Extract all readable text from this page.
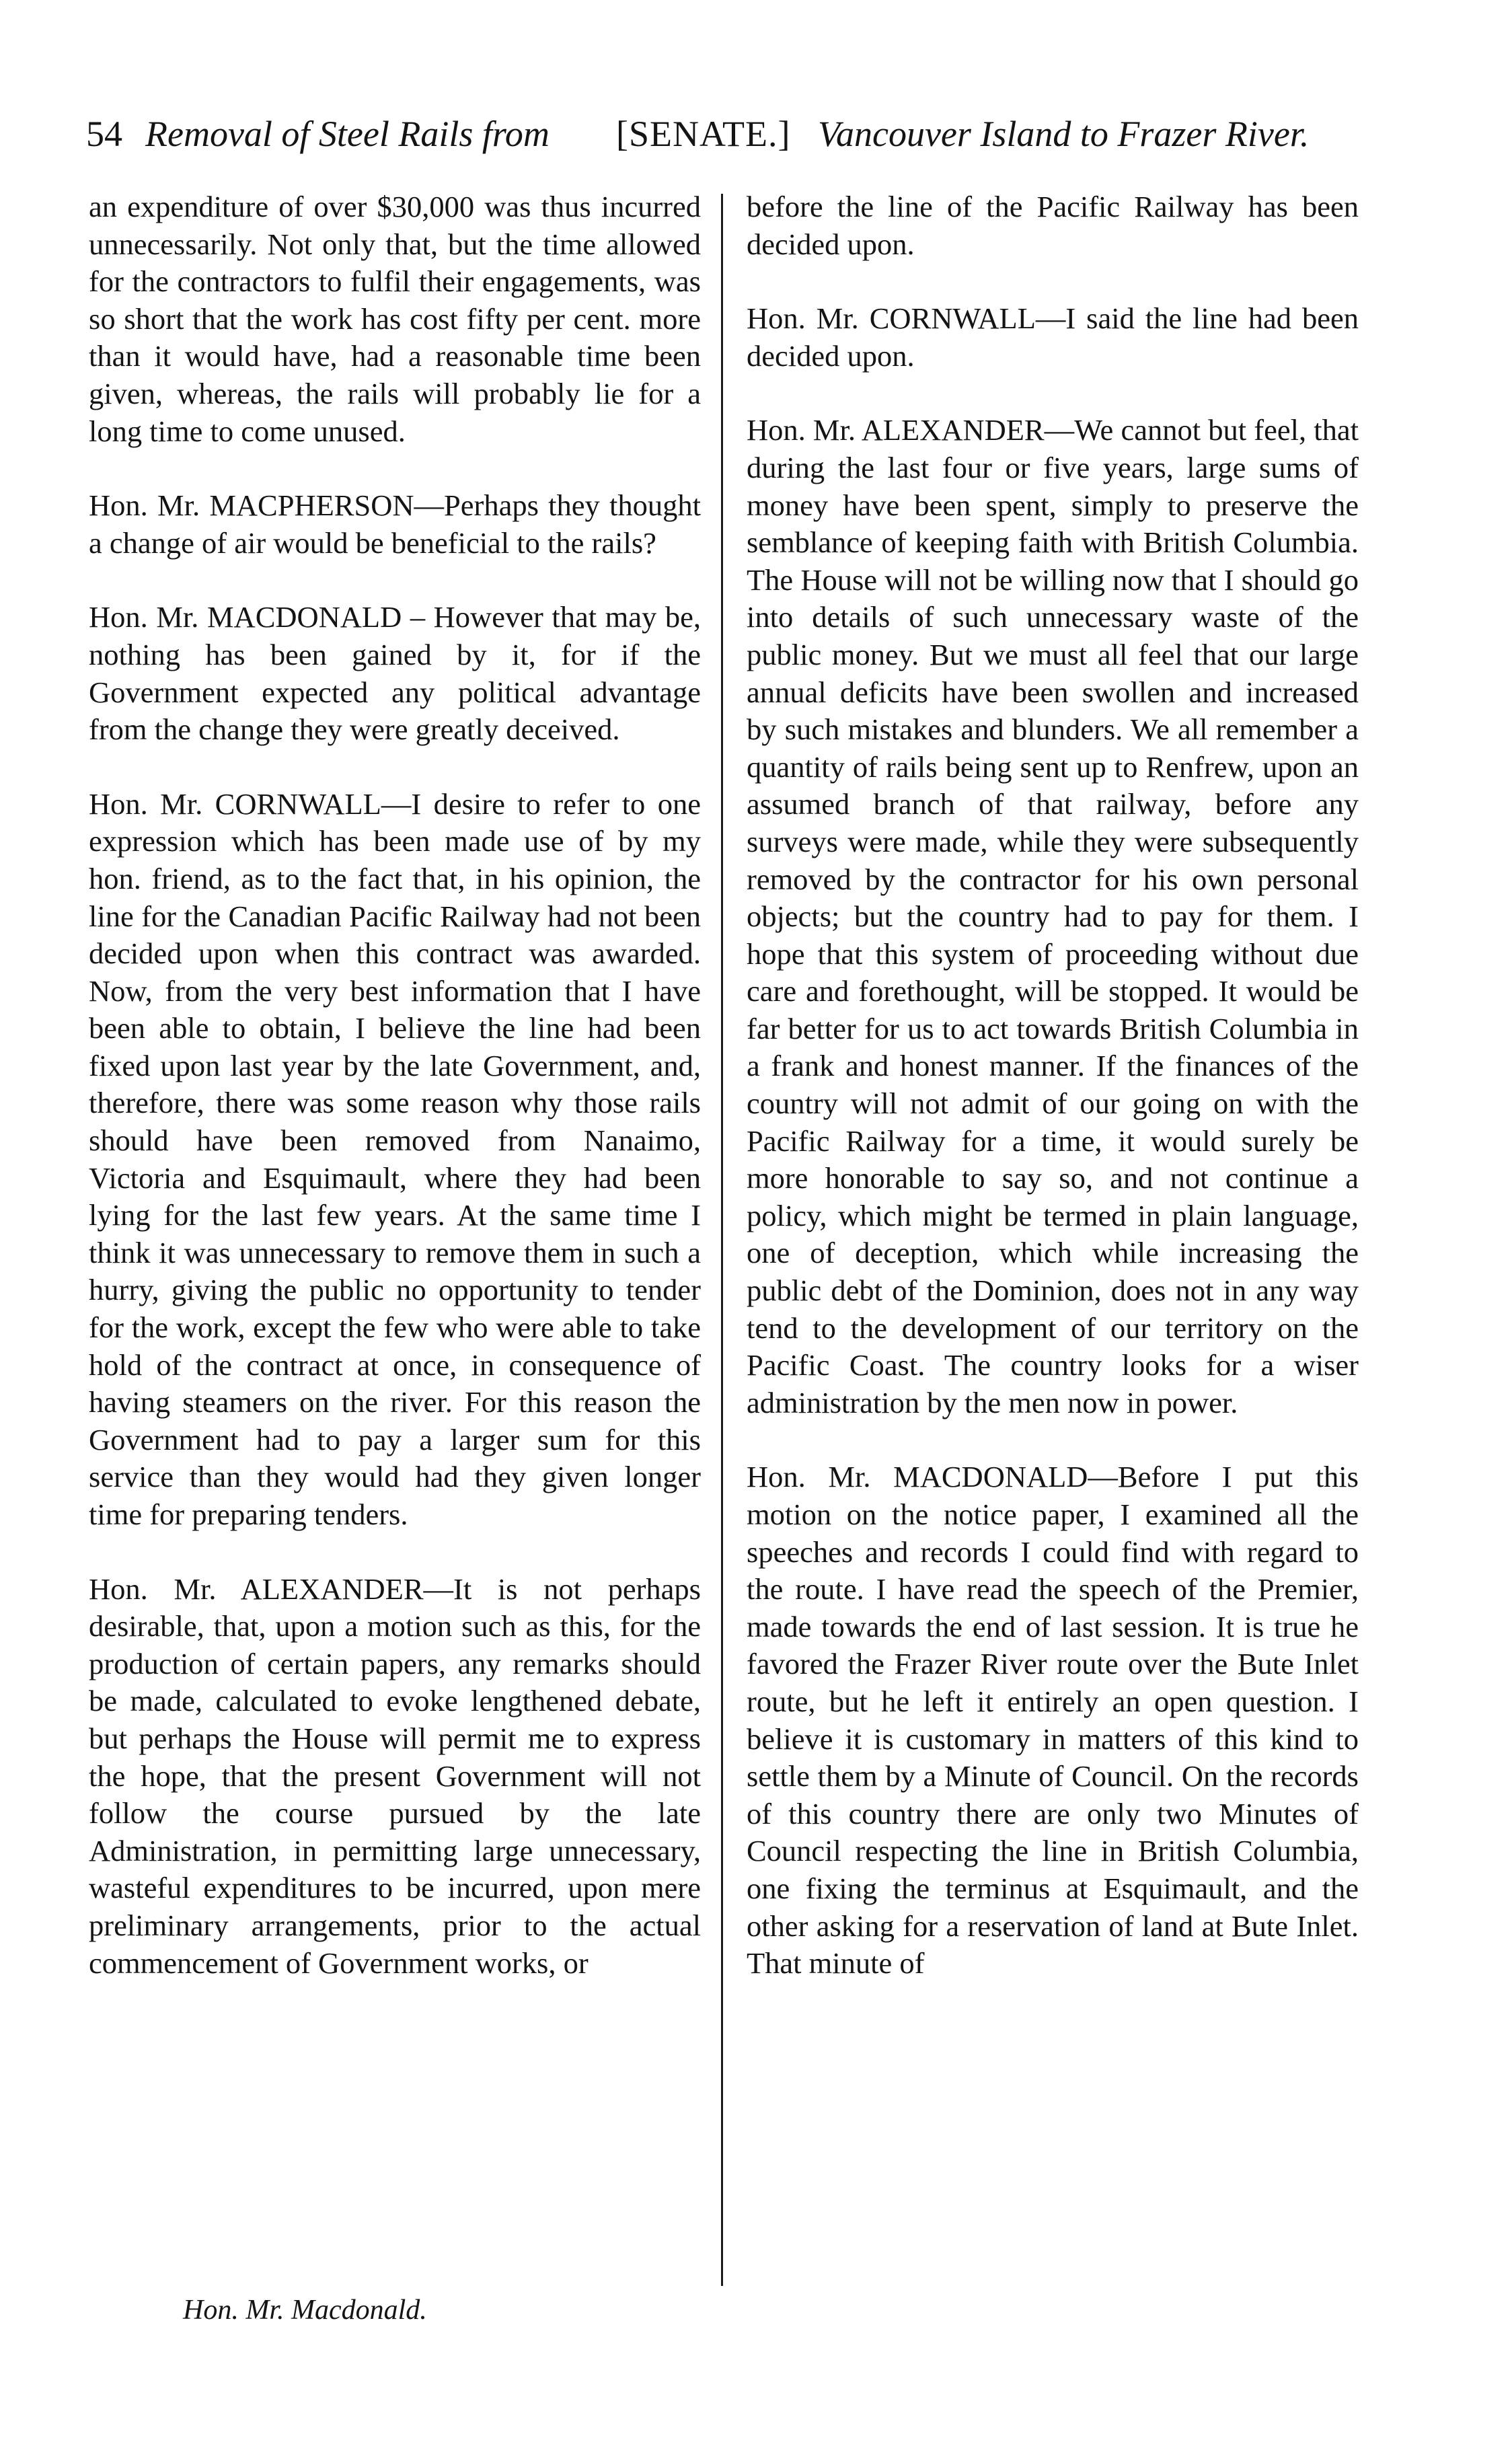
54 Removal of Steel Rails from	[SENATE.] Vancouver Island to Frazer River.

an expenditure of over $30,000 was thus incurred unnecessarily. Not only that, but the time allowed for the contractors to fulfil their engagements, was so short that the work has cost fifty per cent. more than it would have, had a reasonable time been given, whereas, the rails will probably lie for a long time to come unused.

Hon. Mr. MACPHERSON—Perhaps they thought a change of air would be beneficial to the rails?

Hon. Mr. MACDONALD – However that may be, nothing has been gained by it, for if the Government expected any political advantage from the change they were greatly deceived.

Hon. Mr. CORNWALL—I desire to refer to one expression which has been made use of by my hon. friend, as to the fact that, in his opinion, the line for the Canadian Pacific Railway had not been decided upon when this contract was awarded. Now, from the very best information that I have been able to obtain, I believe the line had been fixed upon last year by the late Government, and, therefore, there was some reason why those rails should have been removed from Nanaimo, Victoria and Esquimault, where they had been lying for the last few years. At the same time I think it was unnecessary to remove them in such a hurry, giving the public no opportunity to tender for the work, except the few who were able to take hold of the contract at once, in consequence of having steamers on the river. For this reason the Government had to pay a larger sum for this service than they would had they given longer time for preparing tenders.

Hon. Mr. ALEXANDER—It is not perhaps desirable, that, upon a motion such as this, for the production of certain papers, any remarks should be made, calculated to evoke lengthened debate, but perhaps the House will permit me to express the hope, that the present Government will not follow the course pursued by the late Administration, in permitting large unnecessary, wasteful expenditures to be incurred, upon mere preliminary arrangements, prior to the actual commencement of Government works, or

before the line of the Pacific Railway has been decided upon.

Hon. Mr. CORNWALL—I said the line had been decided upon.

Hon. Mr. ALEXANDER—We cannot but feel, that during the last four or five years, large sums of money have been spent, simply to preserve the semblance of keeping faith with British Columbia. The House will not be willing now that I should go into details of such unnecessary waste of the public money. But we must all feel that our large annual deficits have been swollen and increased by such mistakes and blunders. We all remember a quantity of rails being sent up to Renfrew, upon an assumed branch of that railway, before any surveys were made, while they were subsequently removed by the contractor for his own personal objects; but the country had to pay for them. I hope that this system of proceeding without due care and forethought, will be stopped. It would be far better for us to act towards British Columbia in a frank and honest manner. If the finances of the country will not admit of our going on with the Pacific Railway for a time, it would surely be more honorable to say so, and not continue a policy, which might be termed in plain language, one of deception, which while increasing the public debt of the Dominion, does not in any way tend to the development of our territory on the Pacific Coast. The country looks for a wiser administration by the men now in power.

Hon. Mr. MACDONALD—Before I put this motion on the notice paper, I examined all the speeches and records I could find with regard to the route. I have read the speech of the Premier, made towards the end of last session. It is true he favored the Frazer River route over the Bute Inlet route, but he left it entirely an open question. I believe it is customary in matters of this kind to settle them by a Minute of Council. On the records of this country there are only two Minutes of Council respecting the line in British Columbia, one fixing the terminus at Esquimault, and the other asking for a reservation of land at Bute Inlet. That minute of

Hon. Mr. Macdonald.
